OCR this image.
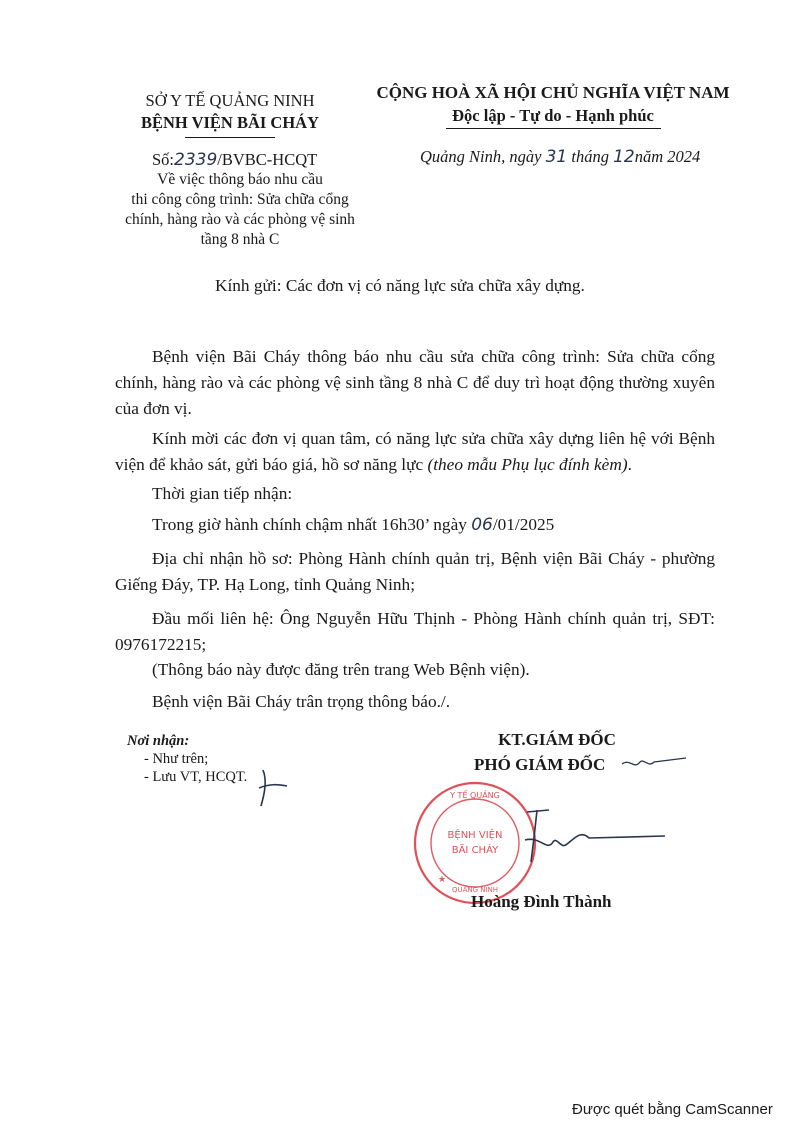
SỞ Y TẾ QUẢNG NINH
BỆNH VIỆN BÃI CHÁY
CỘNG HOÀ XÃ HỘI CHỦ NGHĨA VIỆT NAM
Độc lập - Tự do - Hạnh phúc
Số:2339/BVBC-HCQT
Về việc thông báo nhu cầu
thi công công trình: Sửa chữa cổng
chính, hàng rào và các phòng vệ sinh
tầng 8 nhà C
Quảng Ninh, ngày 31 tháng 12năm 2024
Kính gửi: Các đơn vị có năng lực sửa chữa xây dựng.
Bệnh viện Bãi Cháy thông báo nhu cầu sửa chữa công trình: Sửa chữa cổng chính, hàng rào và các phòng vệ sinh tầng 8 nhà C để duy trì hoạt động thường xuyên của đơn vị.
Kính mời các đơn vị quan tâm, có năng lực sửa chữa xây dựng liên hệ với Bệnh viện để khảo sát, gửi báo giá, hồ sơ năng lực (theo mẫu Phụ lục đính kèm).
Thời gian tiếp nhận:
Trong giờ hành chính chậm nhất 16h30’ ngày 06/01/2025
Địa chỉ nhận hồ sơ: Phòng Hành chính quản trị, Bệnh viện Bãi Cháy - phường Giếng Đáy, TP. Hạ Long, tỉnh Quảng Ninh;
Đầu mối liên hệ: Ông Nguyễn Hữu Thịnh - Phòng Hành chính quản trị, SĐT: 0976172215;
(Thông báo này được đăng trên trang Web Bệnh viện).
Bệnh viện Bãi Cháy trân trọng thông báo./.
Nơi nhận:
- Như trên;
- Lưu VT, HCQT.
KT.GIÁM ĐỐC
PHÓ GIÁM ĐỐC
Y TẾ QUẢNG
BỆNH VIỆN
BÃI CHÁY
QUẢNG NINH
★
Hoàng Đình Thành
Được quét bằng CamScanner
